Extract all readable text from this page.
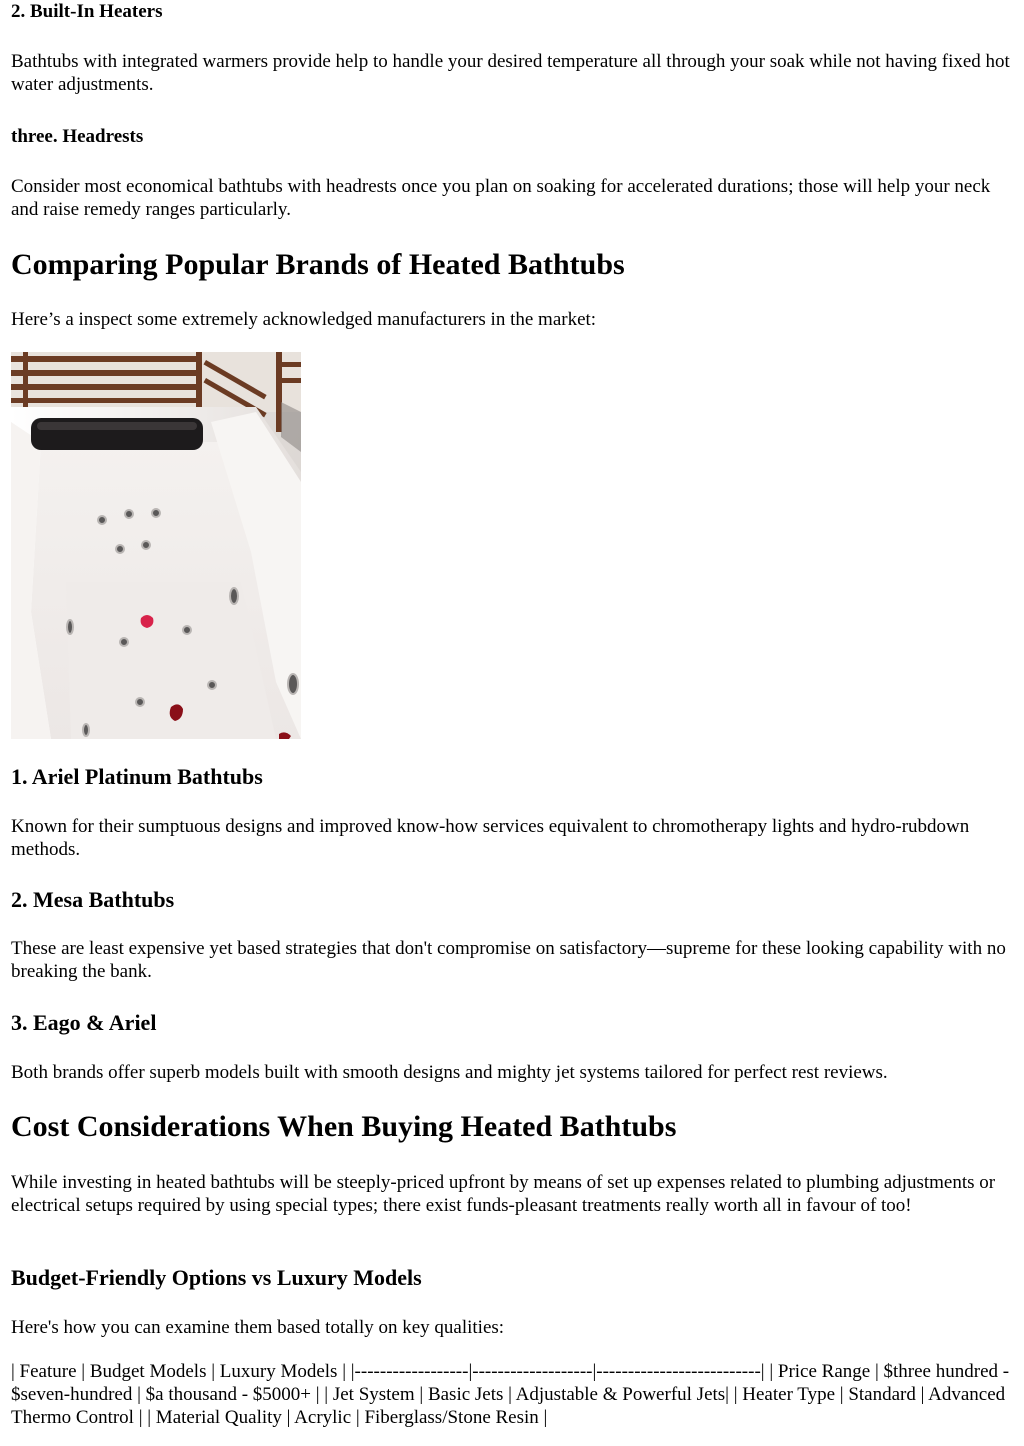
2. Built-In Heaters

Bathtubs with integrated warmers provide help to handle your desired temperature all through your soak while not having fixed hot water adjustments.

three. Headrests

Consider most economical bathtubs with headrests once you plan on soaking for accelerated durations; those will help your neck and raise remedy ranges particularly.

Comparing Popular Brands of Heated Bathtubs

Here’s a inspect some extremely acknowledged manufacturers in the market:

1. Ariel Platinum Bathtubs

Known for their sumptuous designs and improved know-how services equivalent to chromotherapy lights and hydro-rubdown methods.

2. Mesa Bathtubs

These are least expensive yet based strategies that don't compromise on satisfactory—supreme for these looking capability with no breaking the bank.

3. Eago & Ariel

Both brands offer superb models built with smooth designs and mighty jet systems tailored for perfect rest reviews.

Cost Considerations When Buying Heated Bathtubs

While investing in heated bathtubs will be steeply-priced upfront by means of set up expenses related to plumbing adjustments or electrical setups required by using special types; there exist funds-pleasant treatments really worth all in favour of too!

Budget-Friendly Options vs Luxury Models

Here's how you can examine them based totally on key qualities:

| Feature | Budget Models | Luxury Models | |------------------|-------------------|--------------------------| | Price Range | $three hundred - $seven-hundred | $a thousand - $5000+ | | Jet System | Basic Jets | Adjustable & Powerful Jets| | Heater Type | Standard | Advanced Thermo Control | | Material Quality | Acrylic | Fiberglass/Stone Resin |
